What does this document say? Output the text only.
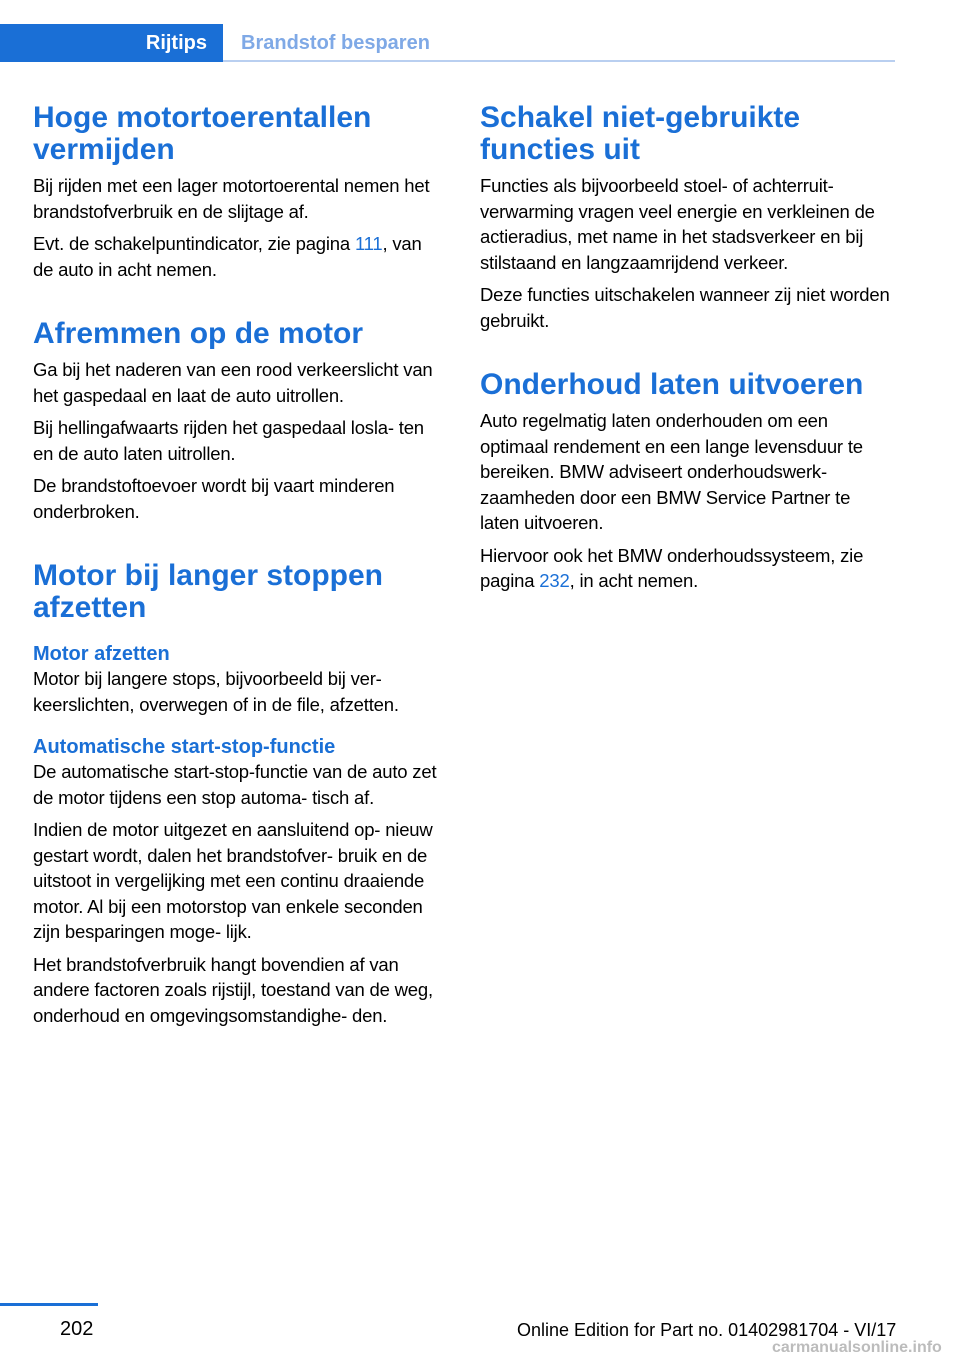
Rijtips	Brandstof besparen
Hoge motortoerentallen vermijden

Bij rijden met een lager motortoerental nemen het brandstofverbruik en de slijtage af.

Evt. de schakelpuntindicator, zie pagina 111, van de auto in acht nemen.

Afremmen op de motor

Ga bij het naderen van een rood verkeerslicht van het gaspedaal en laat de auto uitrollen.

Bij hellingafwaarts rijden het gaspedaal losla‐ ten en de auto laten uitrollen.

De brandstoftoevoer wordt bij vaart minderen onderbroken.

Motor bij langer stoppen afzetten
Motor afzetten

Motor bij langere stops, bijvoorbeeld bij ver‐ keerslichten, overwegen of in de file, afzetten.

Automatische start-stop-functie

De automatische start-stop-functie van de auto zet de motor tijdens een stop automa‐ tisch af.

Indien de motor uitgezet en aansluitend op‐ nieuw gestart wordt, dalen het brandstofver‐ bruik en de uitstoot in vergelijking met een continu draaiende motor. Al bij een motorstop van enkele seconden zijn besparingen moge‐ lijk.

Het brandstofverbruik hangt bovendien af van andere factoren zoals rijstijl, toestand van de weg, onderhoud en omgevingsomstandighe‐ den.

Schakel niet-gebruikte functies uit

Functies als bijvoorbeeld stoel- of achterruit‐ verwarming vragen veel energie en verkleinen de actieradius, met name in het stadsverkeer en bij stilstaand en langzaamrijdend verkeer.

Deze functies uitschakelen wanneer zij niet worden gebruikt.

Onderhoud laten uitvoeren

Auto regelmatig laten onderhouden om een optimaal rendement en een lange levensduur te bereiken. BMW adviseert onderhoudswerk‐ zaamheden door een BMW Service Partner te laten uitvoeren.

Hiervoor ook het BMW onderhoudssysteem, zie pagina 232, in acht nemen.

202	Online Edition for Part no. 01402981704 - VI/17
carmanualsonline.info
